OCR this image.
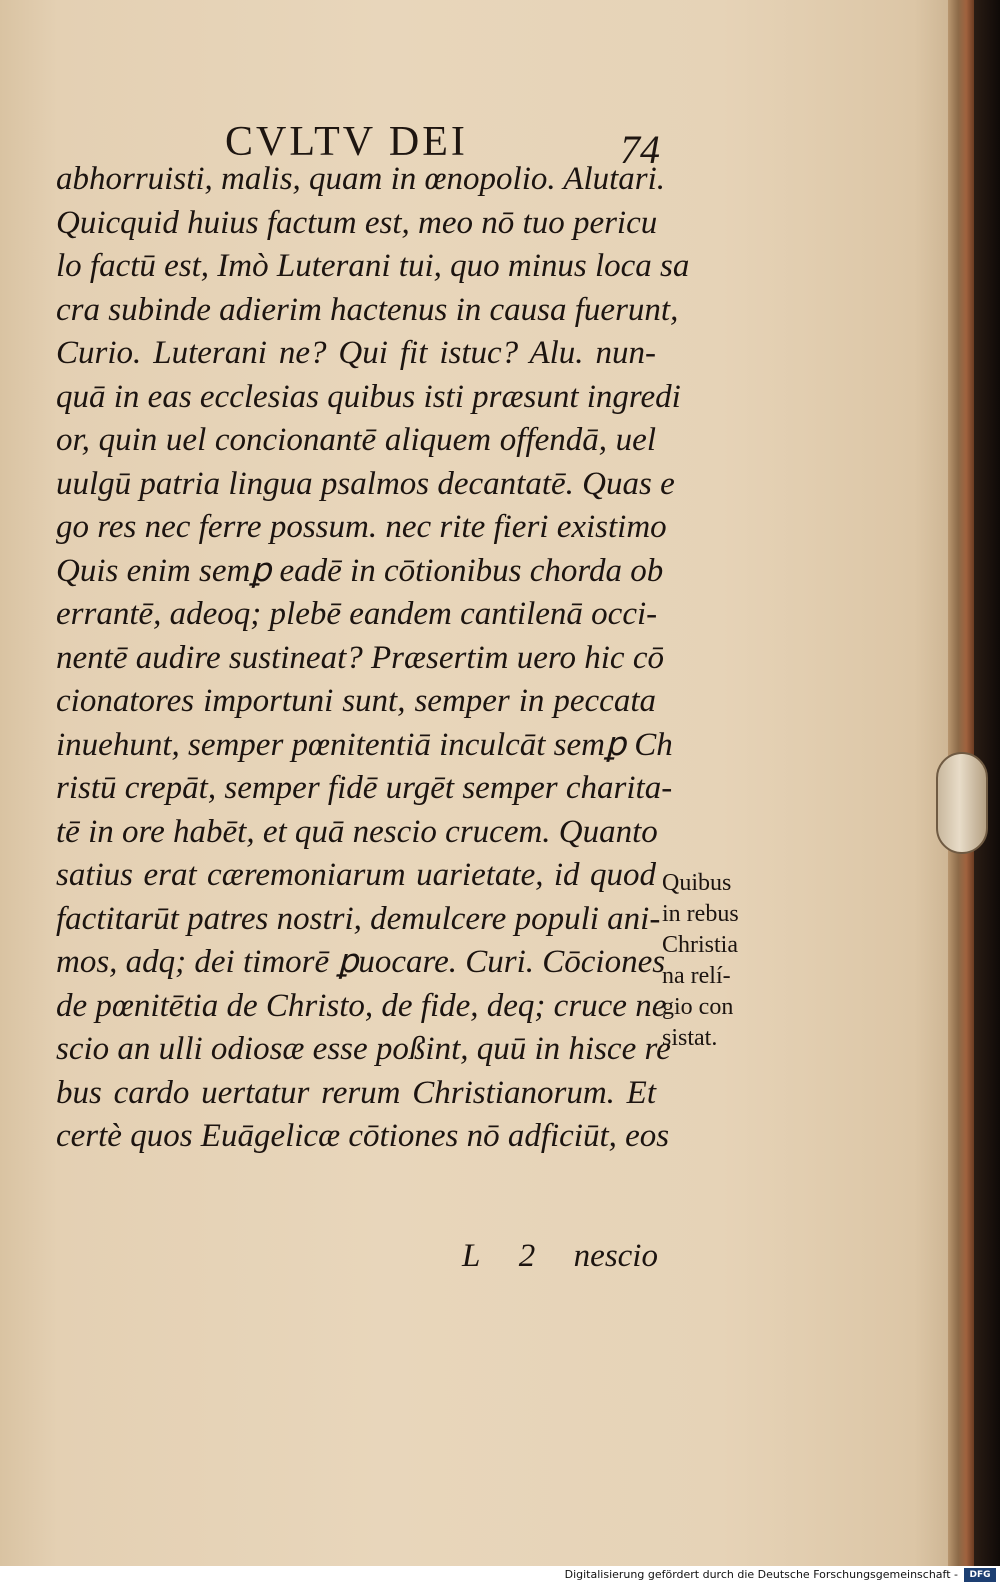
CVLTV DEI	74
abhorruisti, malis, quam in œnopolio. Alutari.
Quicquid huius factum est, meo nō tuo pericu
lo factū est, Imò Luterani tui, quo minus loca sa
cra subinde adierim hactenus in causa fuerunt,
Curio. Luterani ne? Qui fit istuc? Alu. nun-
quā in eas ecclesias quibus isti præsunt ingredi
or, quin uel concionantē aliquem offendā, uel
uulgū patria lingua psalmos decantatē. Quas e
go res nec ferre possum. nec rite fieri existimo
Quis enim semꝑ eadē in cōtionibus chorda ob
errantē, adeoq; plebē eandem cantilenā occi-
nentē audire sustineat? Præsertim uero hic cō
cionatores importuni sunt, semper in peccata
inuehunt, semper pœnitentiā inculcāt semꝑ Ch
ristū crepāt, semper fidē urgēt semper charita-
tē in ore habēt, et quā nescio crucem. Quanto
satius erat cæremoniarum uarietate, id quod
factitarūt patres nostri, demulcere populi ani-
mos, adq; dei timorē ꝑuocare. Curi. Cōciones
de pœnitētia de Christo, de fide, deq; cruce ne
scio an ulli odiosæ esse poßint, quū in hisce re
bus cardo uertatur rerum Christianorum. Et
certè quos Euāgelicæ cōtiones nō adficiūt, eos
L 2 nescio
Quibus
in rebus
Christia
na relí-
gio con
sistat.
Digitalisierung gefördert durch die Deutsche Forschungsgemeinschaft -	DFG
